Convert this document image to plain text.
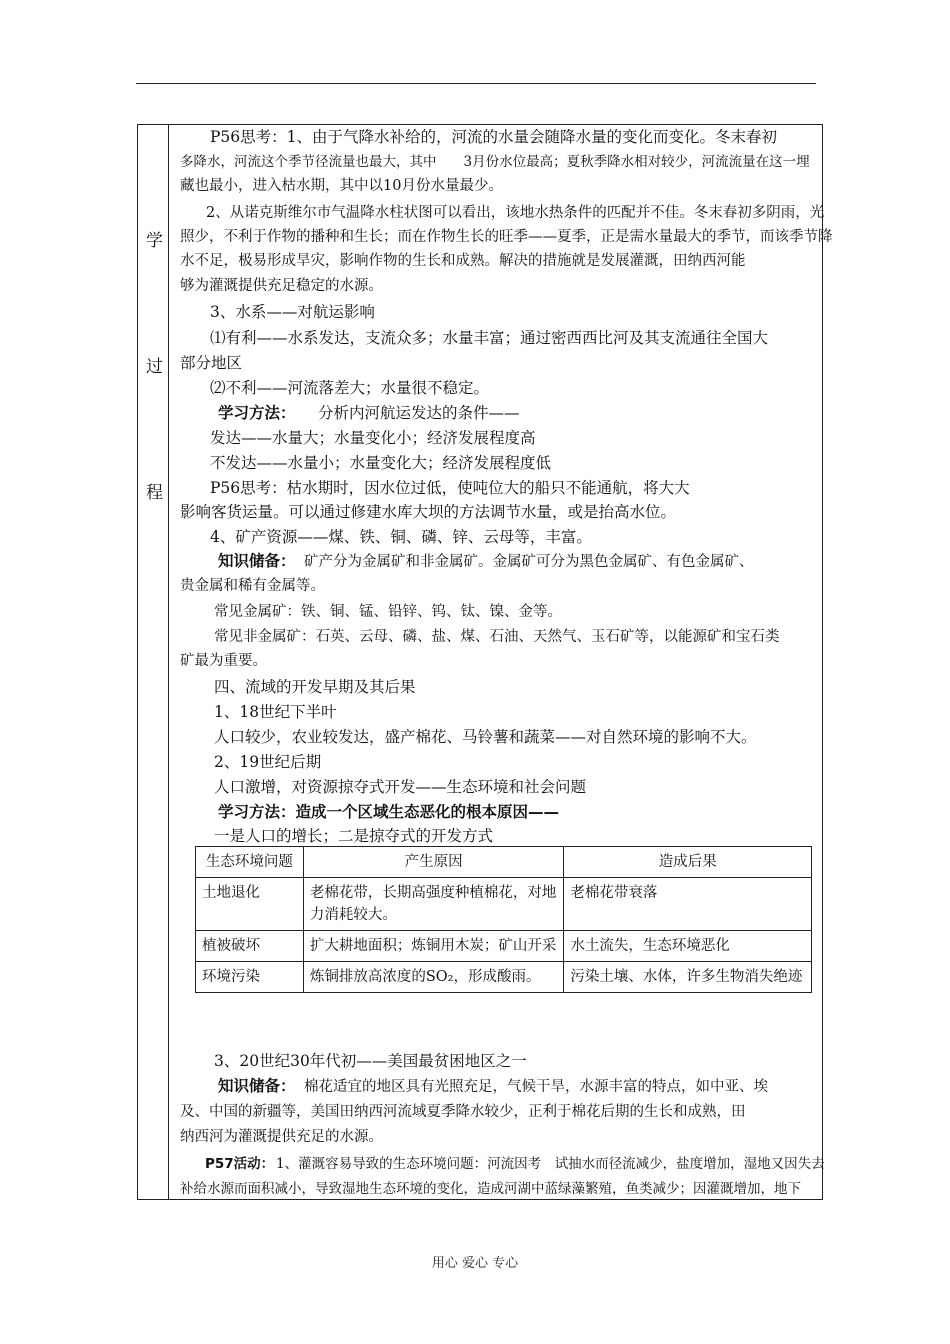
学
过
程
P56思考：1、由于气降水补给的，河流的水量会随降水量的变化而变化。冬末春初
多降水，河流这个季节径流量也最大，其中　　3月份水位最高；夏秋季降水相对较少，河流流量在这一埋
藏也最小，进入枯水期，其中以10月份水量最少。
2、从诺克斯维尔市气温降水柱状图可以看出，该地水热条件的匹配并不佳。冬末春初多阴雨，光
照少，不利于作物的播种和生长；而在作物生长的旺季——夏季，正是需水量最大的季节，而该季节降
水不足，极易形成旱灾，影响作物的生长和成熟。解决的措施就是发展灌溉，田纳西河能
够为灌溉提供充足稳定的水源。
3、水系——对航运影响
⑴有利——水系发达，支流众多；水量丰富；通过密西西比河及其支流通往全国大
部分地区
⑵不利——河流落差大；水量很不稳定。
学习方法： 分析内河航运发达的条件——
发达——水量大；水量变化小；经济发展程度高
不发达——水量小；水量变化大；经济发展程度低
P56思考：枯水期时，因水位过低，使吨位大的船只不能通航，将大大
影响客货运量。可以通过修建水库大坝的方法调节水量，或是抬高水位。
4、矿产资源——煤、铁、铜、磷、锌、云母等，丰富。
知识储备： 矿产分为金属矿和非金属矿。金属矿可分为黑色金属矿、有色金属矿、
贵金属和稀有金属等。
常见金属矿：铁、铜、锰、铅锌、钨、钛、镍、金等。
常见非金属矿：石英、云母、磷、盐、煤、石油、天然气、玉石矿等，以能源矿和宝石类
矿最为重要。
四、流域的开发早期及其后果
1、18世纪下半叶
人口较少，农业较发达，盛产棉花、马铃薯和蔬菜——对自然环境的影响不大。
2、19世纪后期
人口激增，对资源掠夺式开发——生态环境和社会问题
学习方法：造成一个区域生态恶化的根本原因——
一是人口的增长；二是掠夺式的开发方式
生态环境问题	产生原因	造成后果
土地退化	老棉花带，长期高强度种植棉花，对地力消耗较大。	老棉花带衰落
植被破坏	扩大耕地面积；炼铜用木炭；矿山开采	水土流失，生态环境恶化
环境污染	炼铜排放高浓度的SO₂，形成酸雨。	污染土壤、水体，许多生物消失绝迹
3、20世纪30年代初——美国最贫困地区之一
知识储备： 棉花适宜的地区具有光照充足，气候干旱，水源丰富的特点，如中亚、埃
及、中国的新疆等，美国田纳西河流域夏季降水较少，正利于棉花后期的生长和成熟，田
纳西河为灌溉提供充足的水源。
P57活动： 1、灌溉容易导致的生态环境问题：河流因考　试抽水而径流减少，盐度增加，湿地又因失去
补给水源而面积减小，导致湿地生态环境的变化，造成河湖中蓝绿藻繁殖，鱼类减少；因灌溉增加，地下
用心 爱心 专心
